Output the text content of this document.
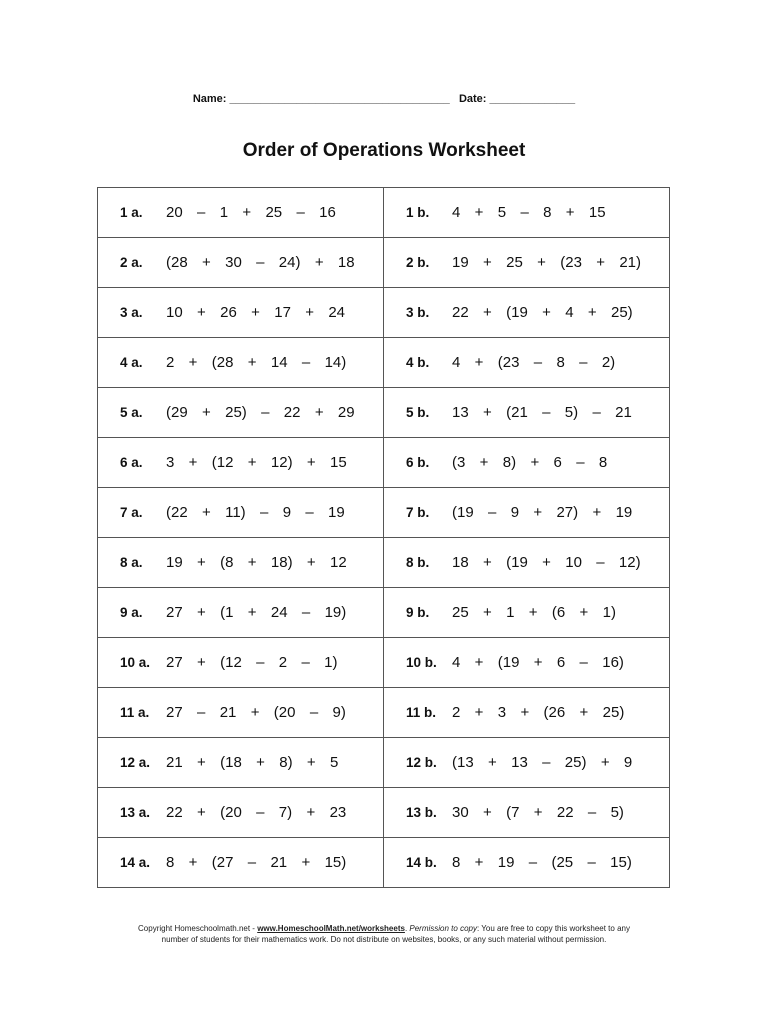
Name: ____________________________________ Date: ______________
Order of Operations Worksheet
1 a. 20  –  1  +  25  –  16	1 b. 4  +  5  –  8  +  15

2 a. (28  +  30  –  24)  +  18	2 b. 19  +  25  +  (23  +  21)

3 a. 10  +  26  +  17  +  24	3 b. 22  +  (19  +  4  +  25)

4 a. 2  +  (28  +  14  –  14)	4 b. 4  +  (23  –  8  –  2)

5 a. (29  +  25)  –  22  +  29	5 b. 13  +  (21  –  5)  –  21

6 a. 3  +  (12  +  12)  +  15	6 b. (3  +  8)  +  6  –  8

7 a. (22  +  11)  –  9  –  19	7 b. (19  –  9  +  27)  +  19

8 a. 19  +  (8  +  18)  +  12	8 b. 18  +  (19  +  10  –  12)

9 a. 27  +  (1  +  24  –  19)	9 b. 25  +  1  +  (6  +  1)

10 a. 27  +  (12  –  2  –  1)	10 b. 4  +  (19  +  6  –  16)

11 a. 27  –  21  +  (20  –  9)	11 b. 2  +  3  +  (26  +  25)

12 a. 21  +  (18  +  8)  +  5	12 b. (13  +  13  –  25)  +  9

13 a. 22  +  (20  –  7)  +  23	13 b. 30  +  (7  +  22  –  5)

14 a. 8  +  (27  –  21  +  15)	14 b. 8  +  19  –  (25  –  15)
Copyright Homeschoolmath.net - www.HomeschoolMath.net/worksheets. Permission to copy: You are free to copy this worksheet to any
number of students for their mathematics work. Do not distribute on websites, books, or any such material without permission.
